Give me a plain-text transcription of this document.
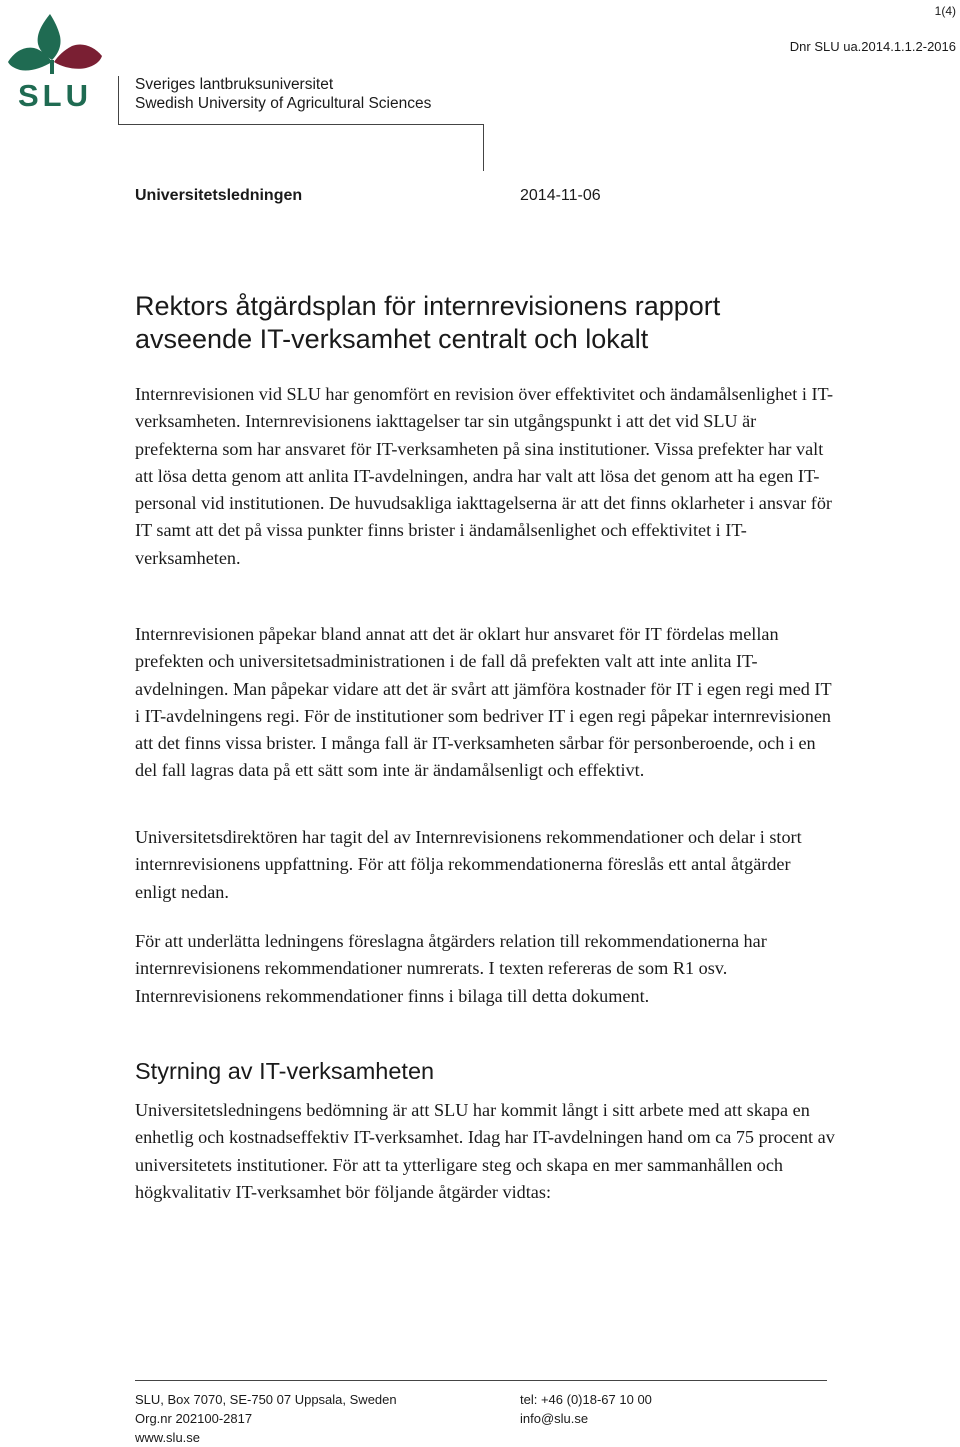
1(4)
Dnr SLU ua.2014.1.1.2-2016
SLU	Sveriges lantbruksuniversitet
Swedish University of Agricultural Sciences
Universitetsledningen	2014-11-06
Rektors åtgärdsplan för internrevisionens rapport
avseende IT-verksamhet centralt och lokalt

Internrevisionen vid SLU har genomfört en revision över effektivitet och ändamålsenlighet i IT-verksamheten. Internrevisionens iakttagelser tar sin utgångspunkt i att det vid SLU är prefekterna som har ansvaret för IT-verksamheten på sina institutioner. Vissa prefekter har valt att lösa detta genom att anlita IT-avdelningen, andra har valt att lösa det genom att ha egen IT-personal vid institutionen. De huvudsakliga iakttagelserna är att det finns oklarheter i ansvar för IT samt att det på vissa punkter finns brister i ändamålsenlighet och effektivitet i IT-verksamheten.

Internrevisionen påpekar bland annat att det är oklart hur ansvaret för IT fördelas mellan prefekten och universitetsadministrationen i de fall då prefekten valt att inte anlita IT-avdelningen. Man påpekar vidare att det är svårt att jämföra kostnader för IT i egen regi med IT i IT-avdelningens regi. För de institutioner som bedriver IT i egen regi påpekar internrevisionen att det finns vissa brister. I många fall är IT-verksamheten sårbar för personberoende, och i en del fall lagras data på ett sätt som inte är ändamålsenligt och effektivt.

Universitetsdirektören har tagit del av Internrevisionens rekommendationer och delar i stort internrevisionens uppfattning. För att följa rekommendationerna föreslås ett antal åtgärder enligt nedan.

För att underlätta ledningens föreslagna åtgärders relation till rekommendationerna har internrevisionens rekommendationer numrerats. I texten refereras de som R1 osv. Internrevisionens rekommendationer finns i bilaga till detta dokument.

Styrning av IT-verksamheten

Universitetsledningens bedömning är att SLU har kommit långt i sitt arbete med att skapa en enhetlig och kostnadseffektiv IT-verksamhet. Idag har IT-avdelningen hand om ca 75 procent av universitetets institutioner. För att ta ytterligare steg och skapa en mer sammanhållen och högkvalitativ IT-verksamhet bör följande åtgärder vidtas:

SLU, Box 7070, SE-750 07 Uppsala, Sweden
Org.nr 202100-2817
www.slu.se
tel: +46 (0)18-67 10 00
info@slu.se
